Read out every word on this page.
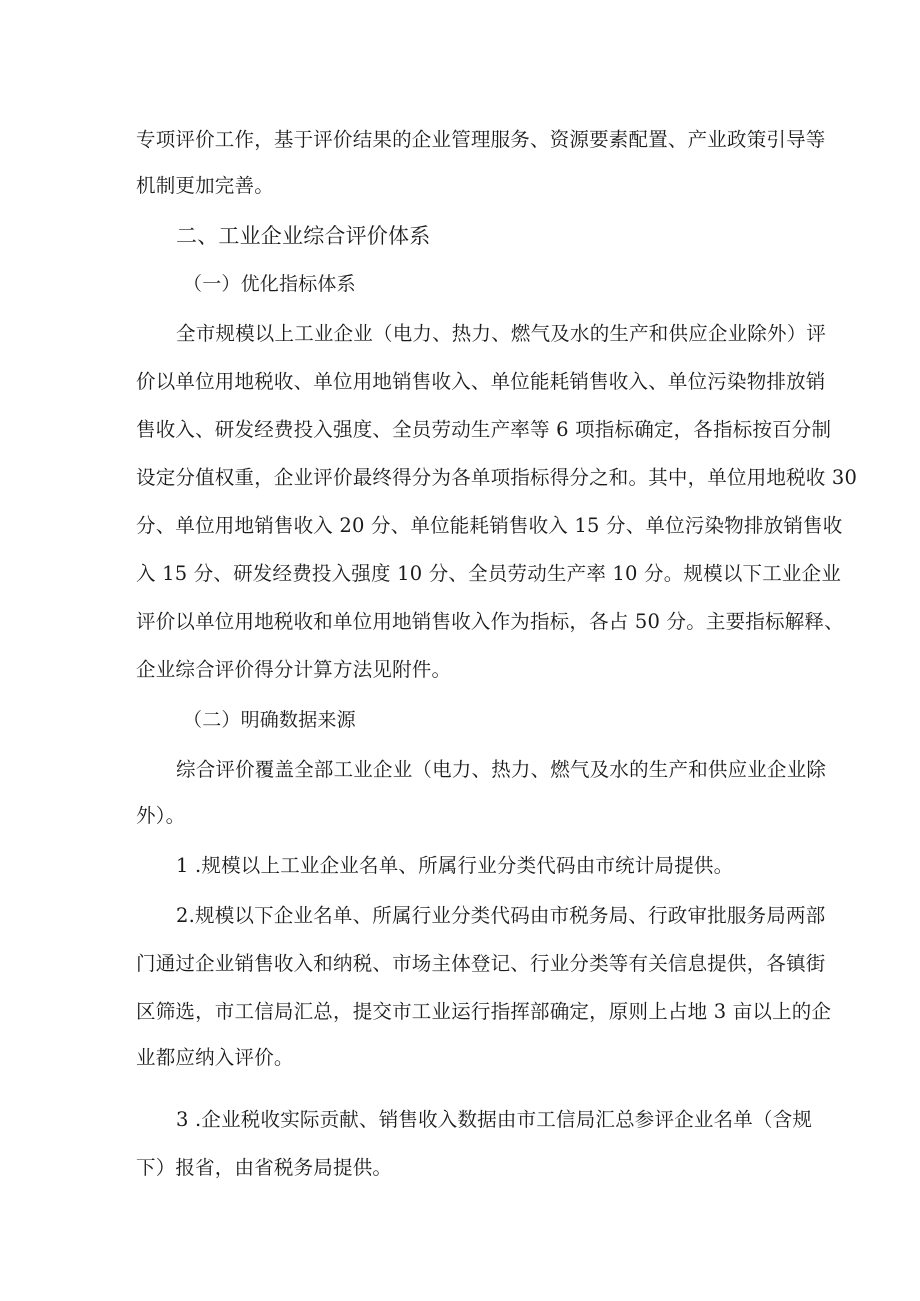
专项评价工作，基于评价结果的企业管理服务、资源要素配置、产业政策引导等
机制更加完善。
二、工业企业综合评价体系
（一）优化指标体系
全市规模以上工业企业（电力、热力、燃气及水的生产和供应企业除外）评
价以单位用地税收、单位用地销售收入、单位能耗销售收入、单位污染物排放销
售收入、研发经费投入强度、全员劳动生产率等 6 项指标确定，各指标按百分制
设定分值权重，企业评价最终得分为各单项指标得分之和。其中，单位用地税收 30
分、单位用地销售收入 20 分、单位能耗销售收入 15 分、单位污染物排放销售收
入 15 分、研发经费投入强度 10 分、全员劳动生产率 10 分。规模以下工业企业
评价以单位用地税收和单位用地销售收入作为指标，各占 50 分。主要指标解释、
企业综合评价得分计算方法见附件。
（二）明确数据来源
综合评价覆盖全部工业企业（电力、热力、燃气及水的生产和供应业企业除
外）。
1 .规模以上工业企业名单、所属行业分类代码由市统计局提供。
2.规模以下企业名单、所属行业分类代码由市税务局、行政审批服务局两部
门通过企业销售收入和纳税、市场主体登记、行业分类等有关信息提供，各镇街
区筛选，市工信局汇总，提交市工业运行指挥部确定，原则上占地 3 亩以上的企
业都应纳入评价。
3 .企业税收实际贡献、销售收入数据由市工信局汇总参评企业名单（含规
下）报省，由省税务局提供。
